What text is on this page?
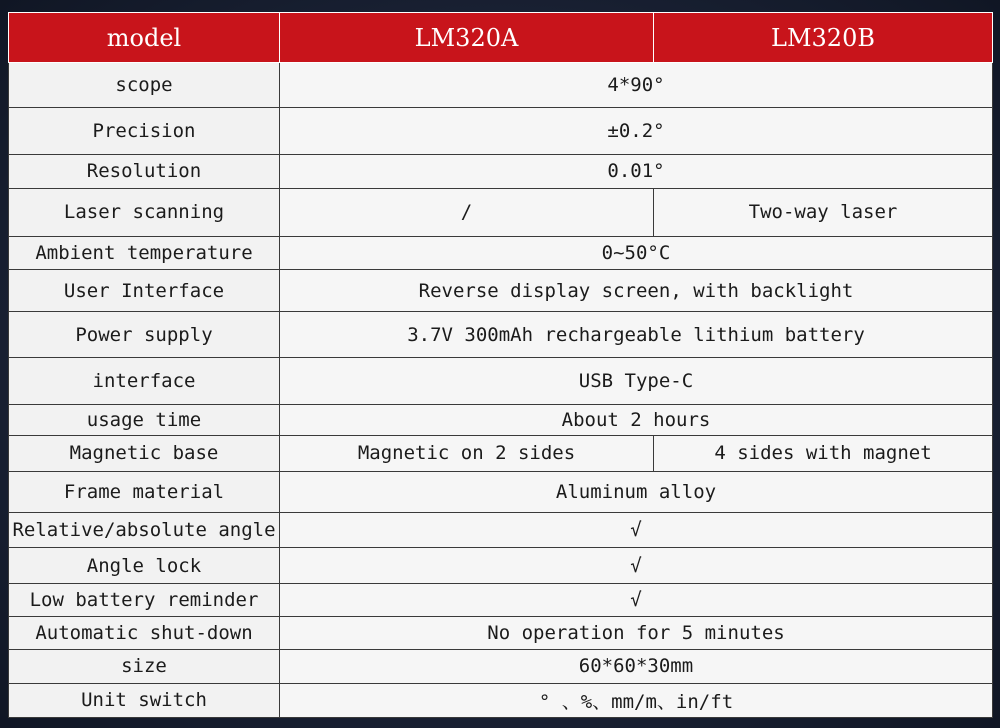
model	LM320A	LM320B
scope	4*90°	
Precision	±0.2°	
Resolution	0.01°	
Laser scanning	/	Two-way laser
Ambient temperature	0~50°C	
User Interface	Reverse display screen, with backlight	
Power supply	3.7V 300mAh rechargeable lithium battery	
interface	USB Type-C	
usage time	About 2 hours	
Magnetic base	Magnetic on 2 sides	4 sides with magnet
Frame material	Aluminum alloy	
Relative/absolute angle	√	
Angle lock	√	
Low battery reminder	√	
Automatic shut-down	No operation for 5 minutes	
size	60*60*30mm	
Unit switch	° 、%、mm/m、in/ft	
